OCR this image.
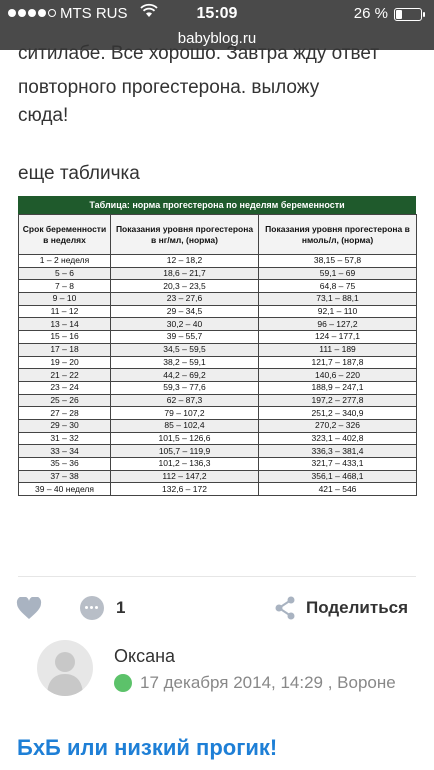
MTS RUS	15:09	26 %
babyblog.ru
ситилабе. Все хорошо. Завтра жду ответ
повторного прогестерона. выложу
сюда!
еще табличка
Таблица: норма прогестерона по неделям беременности
Срок беременности в неделях	Показания уровня прогестерона в нг/мл, (норма)	Показания уровня прогестерона в нмоль/л, (норма)
1 – 2 неделя	12 – 18,2	38,15 – 57,8
5 – 6	18,6 – 21,7	59,1 – 69
7 – 8	20,3 – 23,5	64,8 – 75
9 – 10	23 – 27,6	73,1 – 88,1
11 – 12	29 – 34,5	92,1 – 110
13 – 14	30,2 – 40	96 – 127,2
15 – 16	39 – 55,7	124 – 177,1
17 – 18	34,5 – 59,5	111 – 189
19 – 20	38,2 – 59,1	121,7 – 187,8
21 – 22	44,2 – 69,2	140,6 – 220
23 – 24	59,3 – 77,6	188,9 – 247,1
25 – 26	62 – 87,3	197,2 – 277,8
27 – 28	79 – 107,2	251,2 – 340,9
29 – 30	85 – 102,4	270,2 – 326
31 – 32	101,5 – 126,6	323,1 – 402,8
33 – 34	105,7 – 119,9	336,3 – 381,4
35 – 36	101,2 – 136,3	321,7 – 433,1
37 – 38	112 – 147,2	356,1 – 468,1
39 – 40 неделя	132,6 – 172	421 – 546
1	Поделиться
Оксана
17 декабря 2014, 14:29 , Вороне
БхБ или низкий прогик!
